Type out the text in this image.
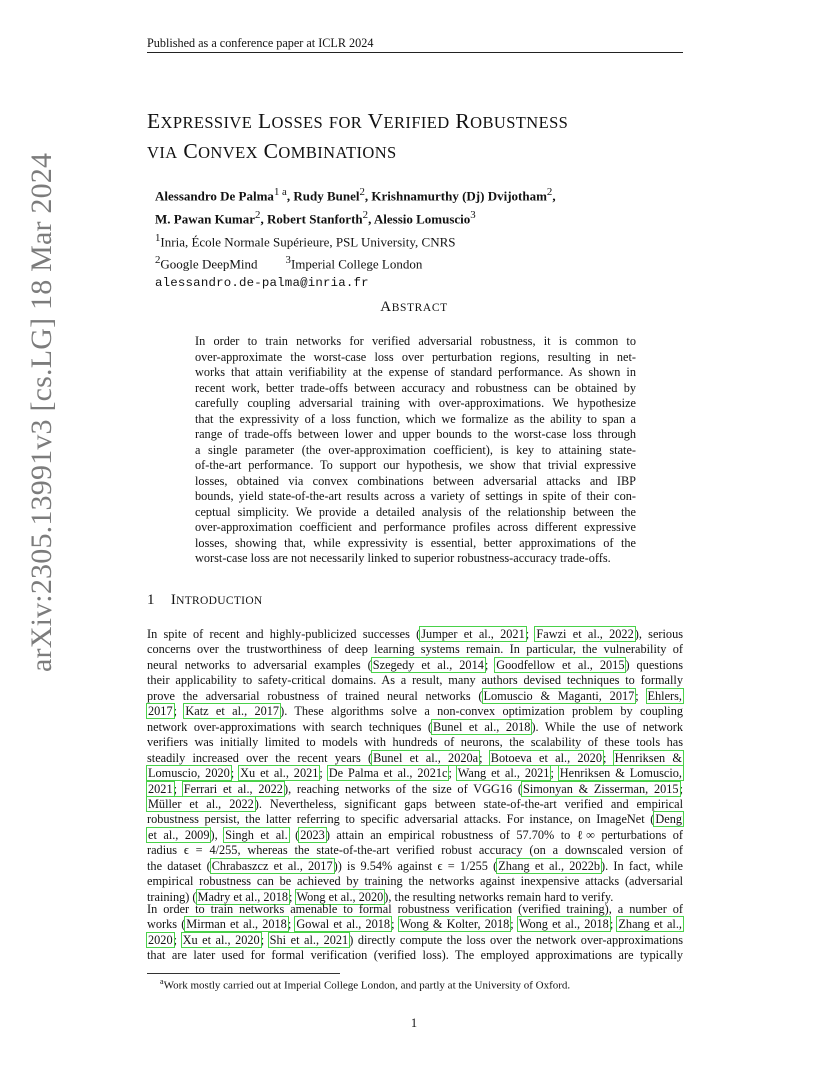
Published as a conference paper at ICLR 2024
arXiv:2305.13991v3 [cs.LG] 18 Mar 2024
EXPRESSIVE LOSSES FOR VERIFIED ROBUSTNESS
VIA CONVEX COMBINATIONS
Alessandro De Palma$^{1 a}$, Rudy Bunel$^2$, Krishnamurthy (Dj) Dvijotham$^2$,
M. Pawan Kumar$^2$, Robert Stanforth$^2$, Alessio Lomuscio$^3$
$^1$Inria, École Normale Supérieure, PSL University, CNRS
$^2$Google DeepMind	$^3$Imperial College London
alessandro.de-palma@inria.fr
ABSTRACT
In order to train networks for verified adversarial robustness, it is common to
over-approximate the worst-case loss over perturbation regions, resulting in net-
works that attain verifiability at the expense of standard performance. As shown in
recent work, better trade-offs between accuracy and robustness can be obtained by
carefully coupling adversarial training with over-approximations. We hypothesize
that the expressivity of a loss function, which we formalize as the ability to span a
range of trade-offs between lower and upper bounds to the worst-case loss through
a single parameter (the over-approximation coefficient), is key to attaining state-
of-the-art performance. To support our hypothesis, we show that trivial expressive
losses, obtained via convex combinations between adversarial attacks and IBP
bounds, yield state-of-the-art results across a variety of settings in spite of their con-
ceptual simplicity. We provide a detailed analysis of the relationship between the
over-approximation coefficient and performance profiles across different expressive
losses, showing that, while expressivity is essential, better approximations of the
worst-case loss are not necessarily linked to superior robustness-accuracy trade-offs.
1 INTRODUCTION
In spite of recent and highly-publicized successes (Jumper et al., 2021; Fawzi et al., 2022), serious
concerns over the trustworthiness of deep learning systems remain. In particular, the vulnerability of
neural networks to adversarial examples (Szegedy et al., 2014; Goodfellow et al., 2015) questions
their applicability to safety-critical domains. As a result, many authors devised techniques to formally
prove the adversarial robustness of trained neural networks (Lomuscio & Maganti, 2017; Ehlers,
2017; Katz et al., 2017). These algorithms solve a non-convex optimization problem by coupling
network over-approximations with search techniques (Bunel et al., 2018). While the use of network
verifiers was initially limited to models with hundreds of neurons, the scalability of these tools has
steadily increased over the recent years (Bunel et al., 2020a; Botoeva et al., 2020; Henriksen &
Lomuscio, 2020; Xu et al., 2021; De Palma et al., 2021c; Wang et al., 2021; Henriksen & Lomuscio,
2021; Ferrari et al., 2022), reaching networks of the size of VGG16 (Simonyan & Zisserman, 2015;
Müller et al., 2022). Nevertheless, significant gaps between state-of-the-art verified and empirical
robustness persist, the latter referring to specific adversarial attacks. For instance, on ImageNet (Deng
et al., 2009), Singh et al. (2023) attain an empirical robustness of 57.70% to ℓ∞ perturbations of
radius ϵ = 4/255, whereas the state-of-the-art verified robust accuracy (on a downscaled version of
the dataset (Chrabaszcz et al., 2017)) is 9.54% against ϵ = 1/255 (Zhang et al., 2022b). In fact, while
empirical robustness can be achieved by training the networks against inexpensive attacks (adversarial
training) (Madry et al., 2018; Wong et al., 2020), the resulting networks remain hard to verify.
In order to train networks amenable to formal robustness verification (verified training), a number of
works (Mirman et al., 2018; Gowal et al., 2018; Wong & Kolter, 2018; Wong et al., 2018; Zhang et al.,
2020; Xu et al., 2020; Shi et al., 2021) directly compute the loss over the network over-approximations
that are later used for formal verification (verified loss). The employed approximations are typically
$^a$Work mostly carried out at Imperial College London, and partly at the University of Oxford.
1
